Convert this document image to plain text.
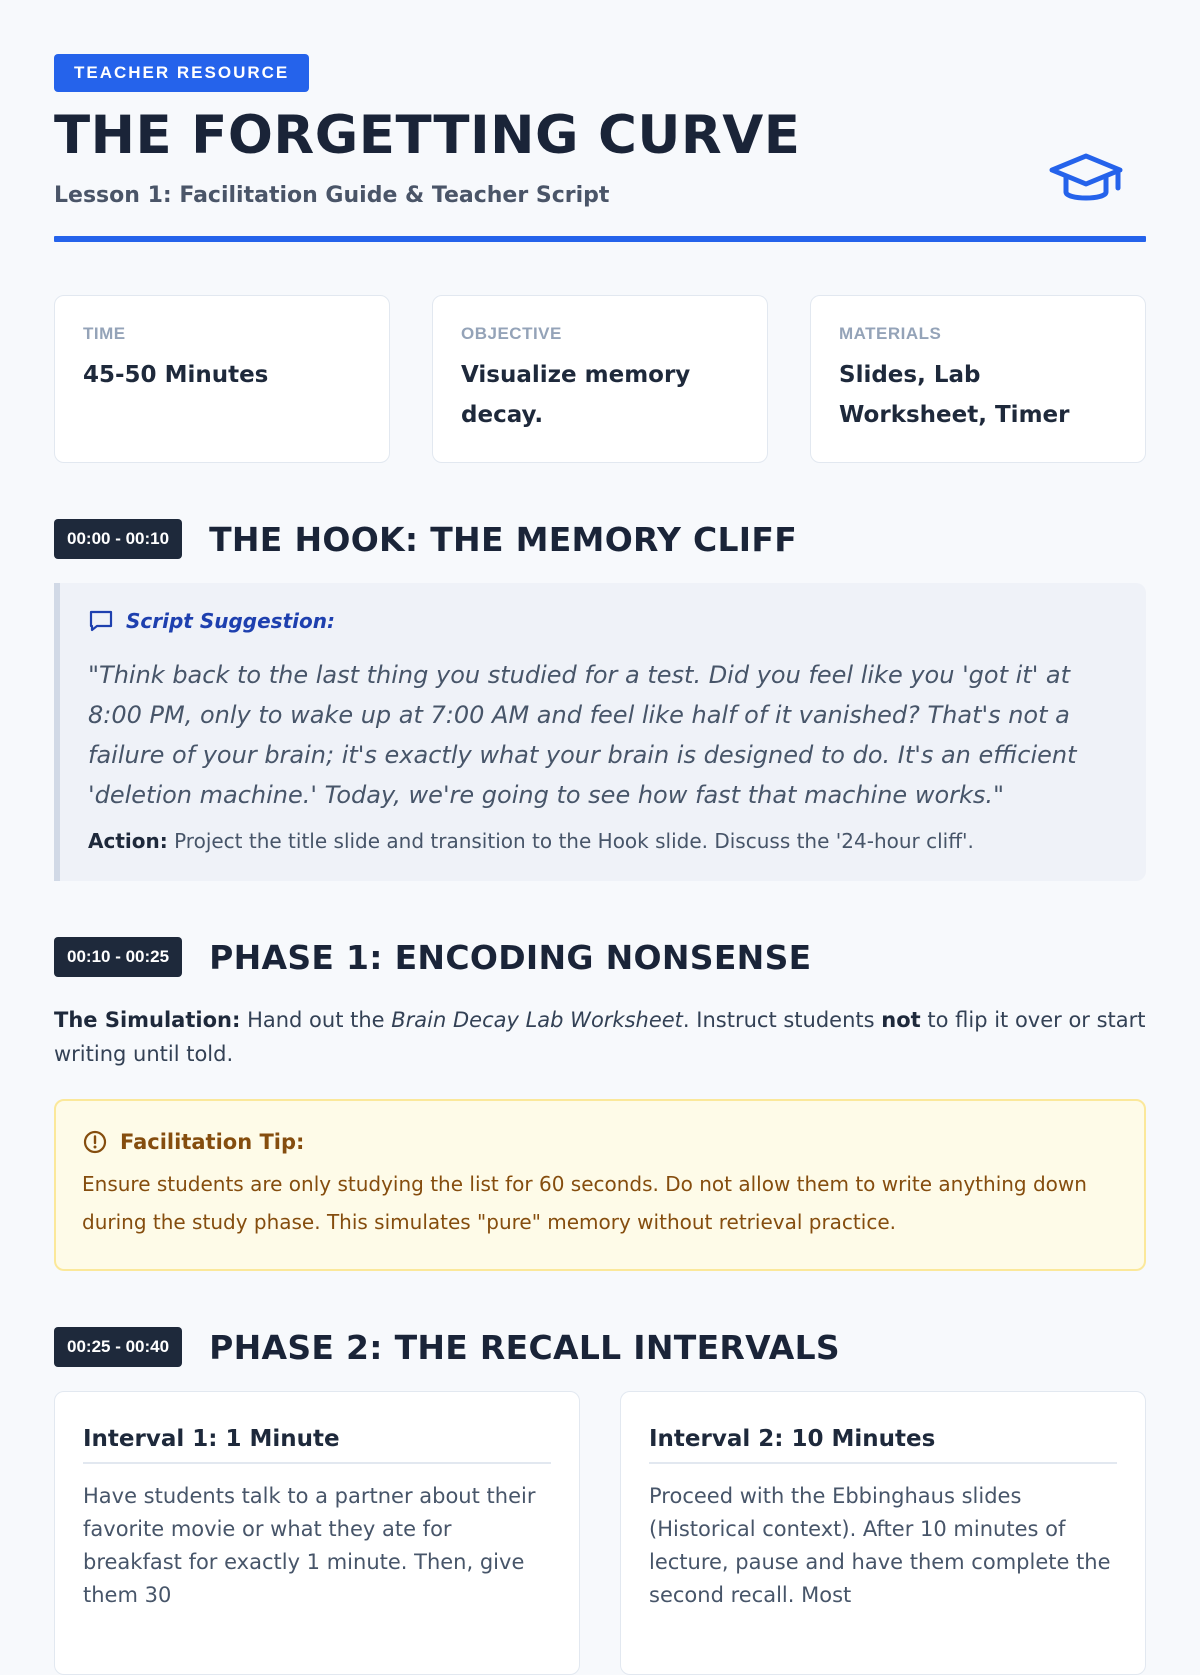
TEACHER RESOURCE
THE FORGETTING CURVE
Lesson 1: Facilitation Guide & Teacher Script
TIME
45-50 Minutes
OBJECTIVE
Visualize memory decay.
MATERIALS
Slides, Lab Worksheet, Timer
00:00 - 00:10	THE HOOK: THE MEMORY CLIFF
Script Suggestion:
"Think back to the last thing you studied for a test. Did you feel like you 'got it' at 8:00 PM, only to wake up at 7:00 AM and feel like half of it vanished? That's not a failure of your brain; it's exactly what your brain is designed to do. It's an efficient 'deletion machine.' Today, we're going to see how fast that machine works."
Action: Project the title slide and transition to the Hook slide. Discuss the '24-hour cliff'.
00:10 - 00:25	PHASE 1: ENCODING NONSENSE
The Simulation: Hand out the Brain Decay Lab Worksheet. Instruct students not to flip it over or start writing until told.
Facilitation Tip:
Ensure students are only studying the list for 60 seconds. Do not allow them to write anything down during the study phase. This simulates "pure" memory without retrieval practice.
00:25 - 00:40	PHASE 2: THE RECALL INTERVALS
Interval 1: 1 Minute
Have students talk to a partner about their favorite movie or what they ate for breakfast for exactly 1 minute. Then, give them 30
Interval 2: 10 Minutes
Proceed with the Ebbinghaus slides (Historical context). After 10 minutes of lecture, pause and have them complete the second recall. Most
